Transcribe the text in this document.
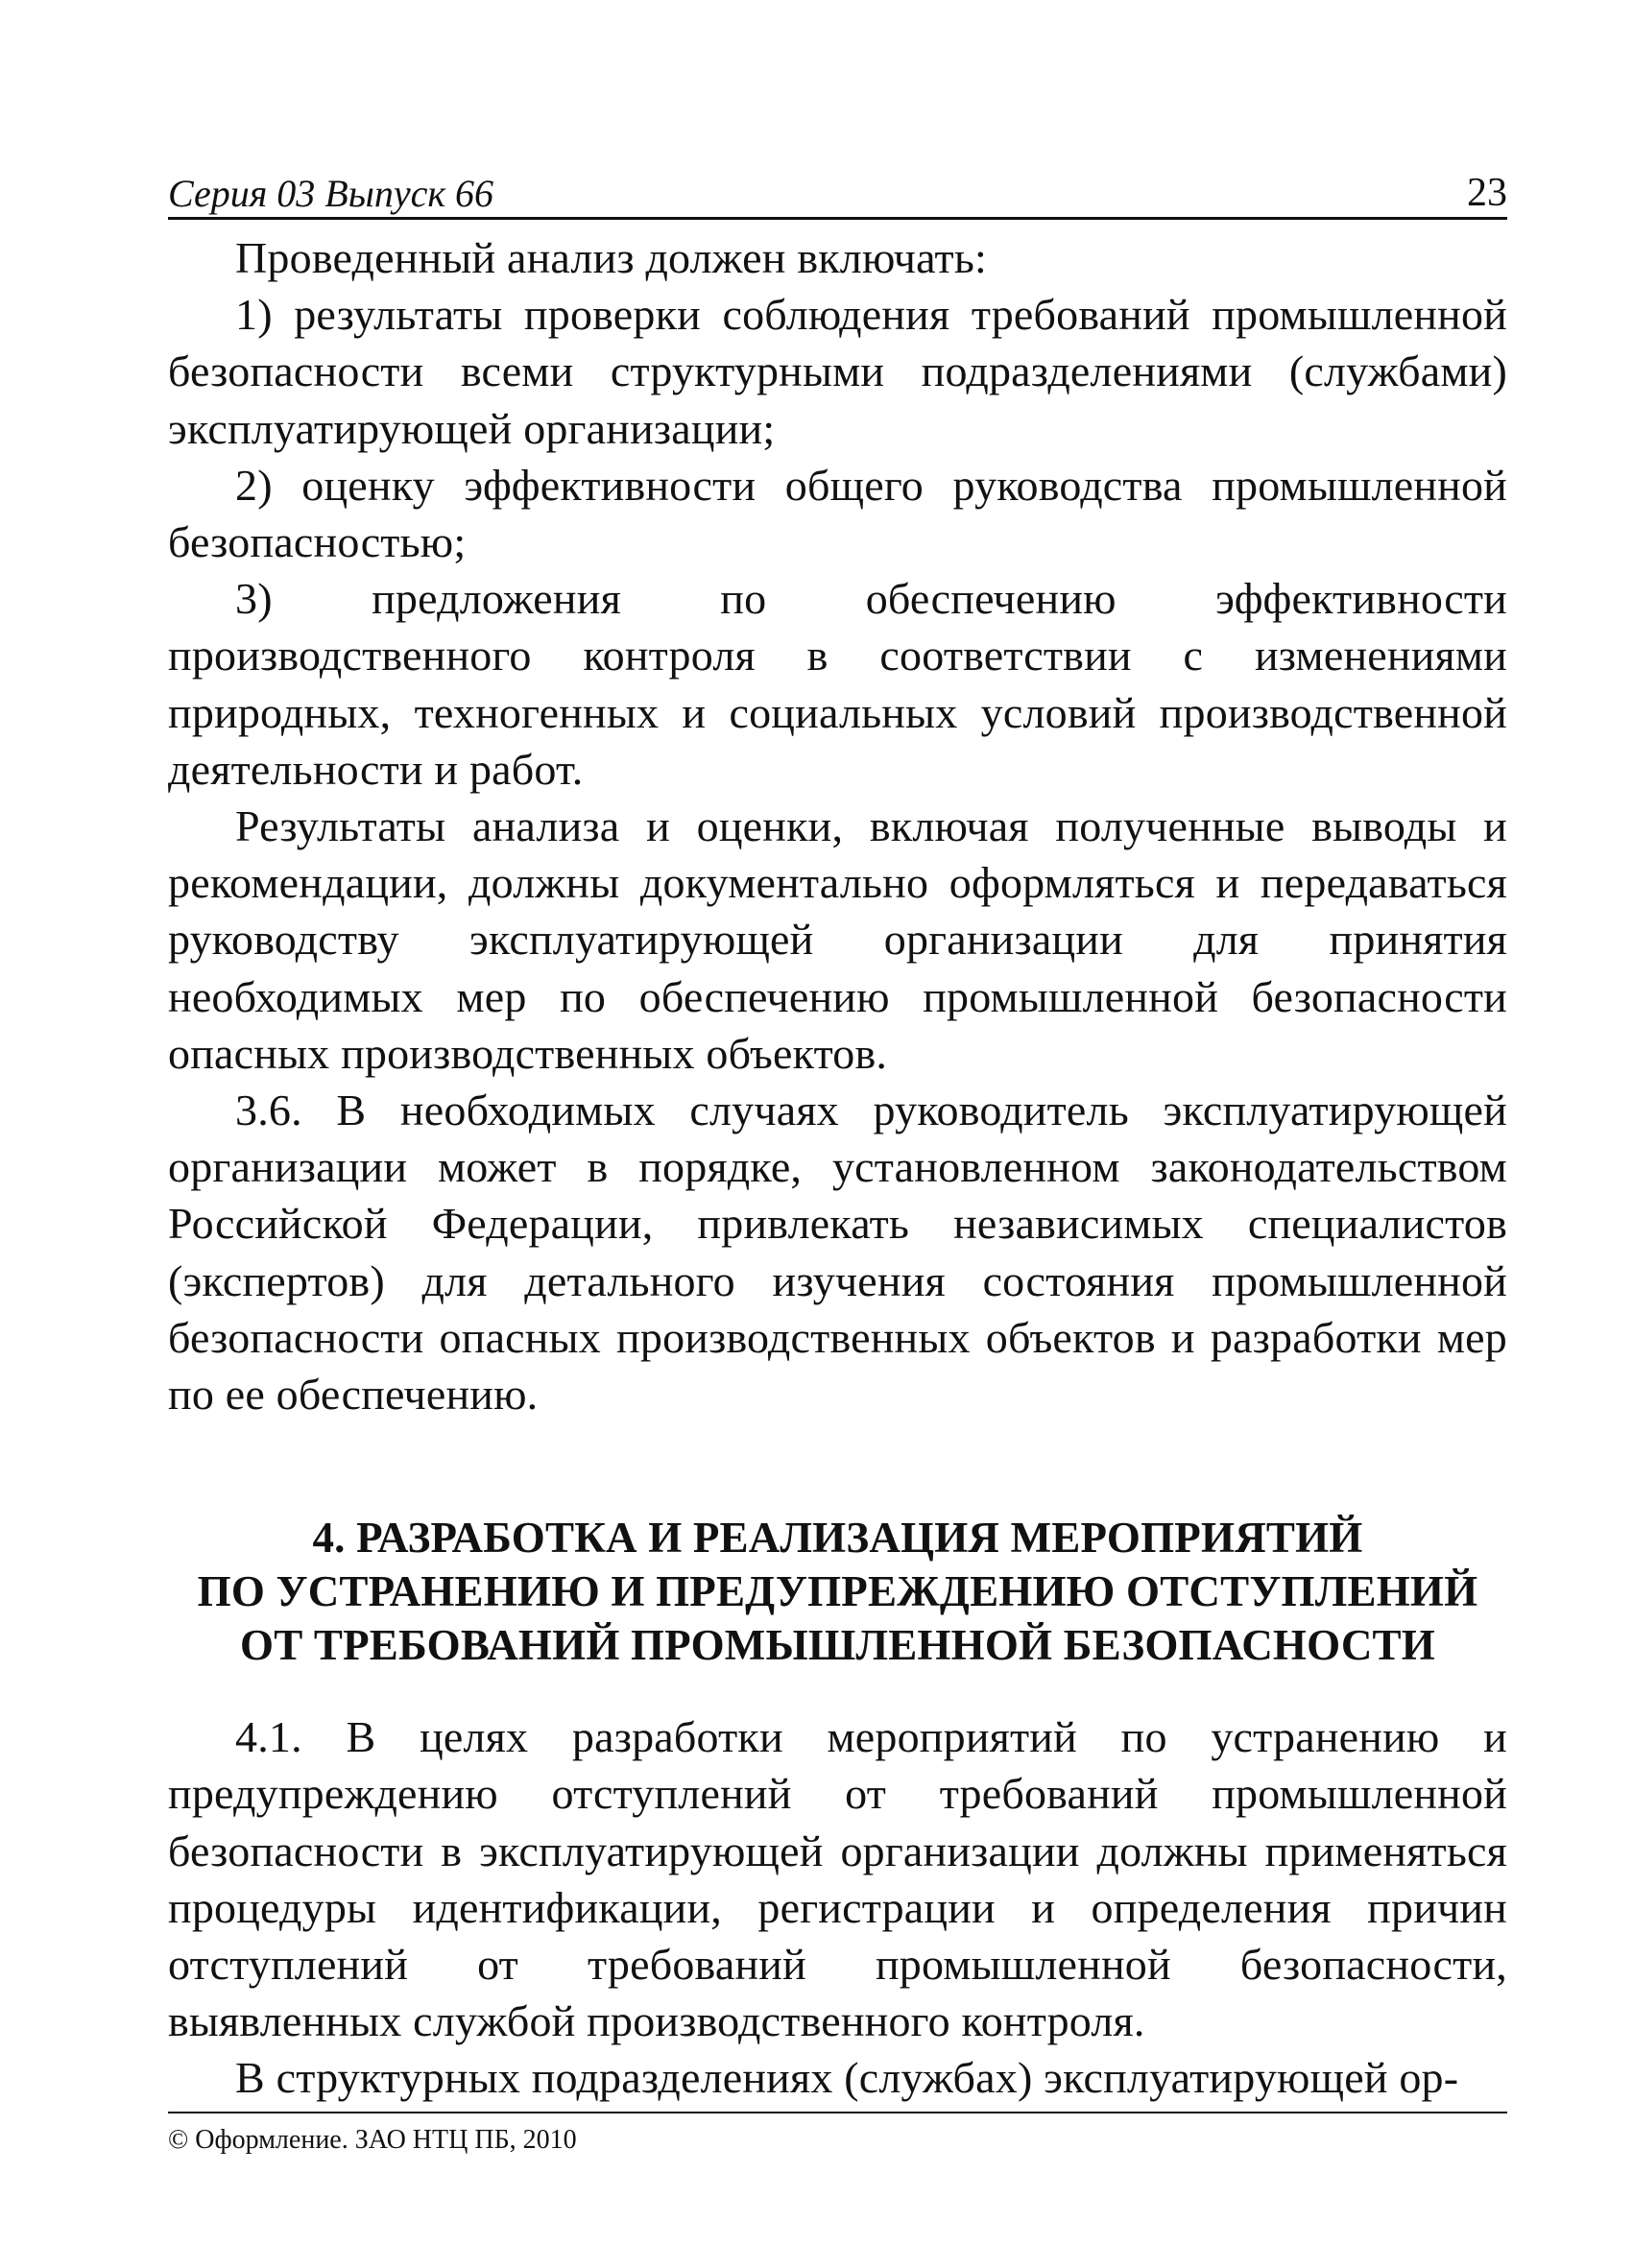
Серия 03 Выпуск 66	23

Проведенный анализ должен включать:

1) результаты проверки соблюдения требований промышленной безопасности всеми структурными подразделениями (службами) эксплуатирующей организации;

2) оценку эффективности общего руководства промышленной безопасностью;

3) предложения по обеспечению эффективности производственного контроля в соответствии с изменениями природных, техногенных и социальных условий производственной деятельности и работ.

Результаты анализа и оценки, включая полученные выводы и рекомендации, должны документально оформляться и передаваться руководству эксплуатирующей организации для принятия необходимых мер по обеспечению промышленной безопасности опасных производственных объектов.

3.6. В необходимых случаях руководитель эксплуатирующей организации может в порядке, установленном законодательством Российской Федерации, привлекать независимых специалистов (экспертов) для детального изучения состояния промышленной безопасности опасных производственных объектов и разработки мер по ее обеспечению.

4. РАЗРАБОТКА И РЕАЛИЗАЦИЯ МЕРОПРИЯТИЙ
ПО УСТРАНЕНИЮ И ПРЕДУПРЕЖДЕНИЮ ОТСТУПЛЕНИЙ
ОТ ТРЕБОВАНИЙ ПРОМЫШЛЕННОЙ БЕЗОПАСНОСТИ

4.1. В целях разработки мероприятий по устранению и предупреждению отступлений от требований промышленной безопасности в эксплуатирующей организации должны применяться процедуры идентификации, регистрации и определения причин отступлений от требований промышленной безопасности, выявленных службой производственного контроля.

В структурных подразделениях (службах) эксплуатирующей ор-

© Оформление. ЗАО НТЦ ПБ, 2010
